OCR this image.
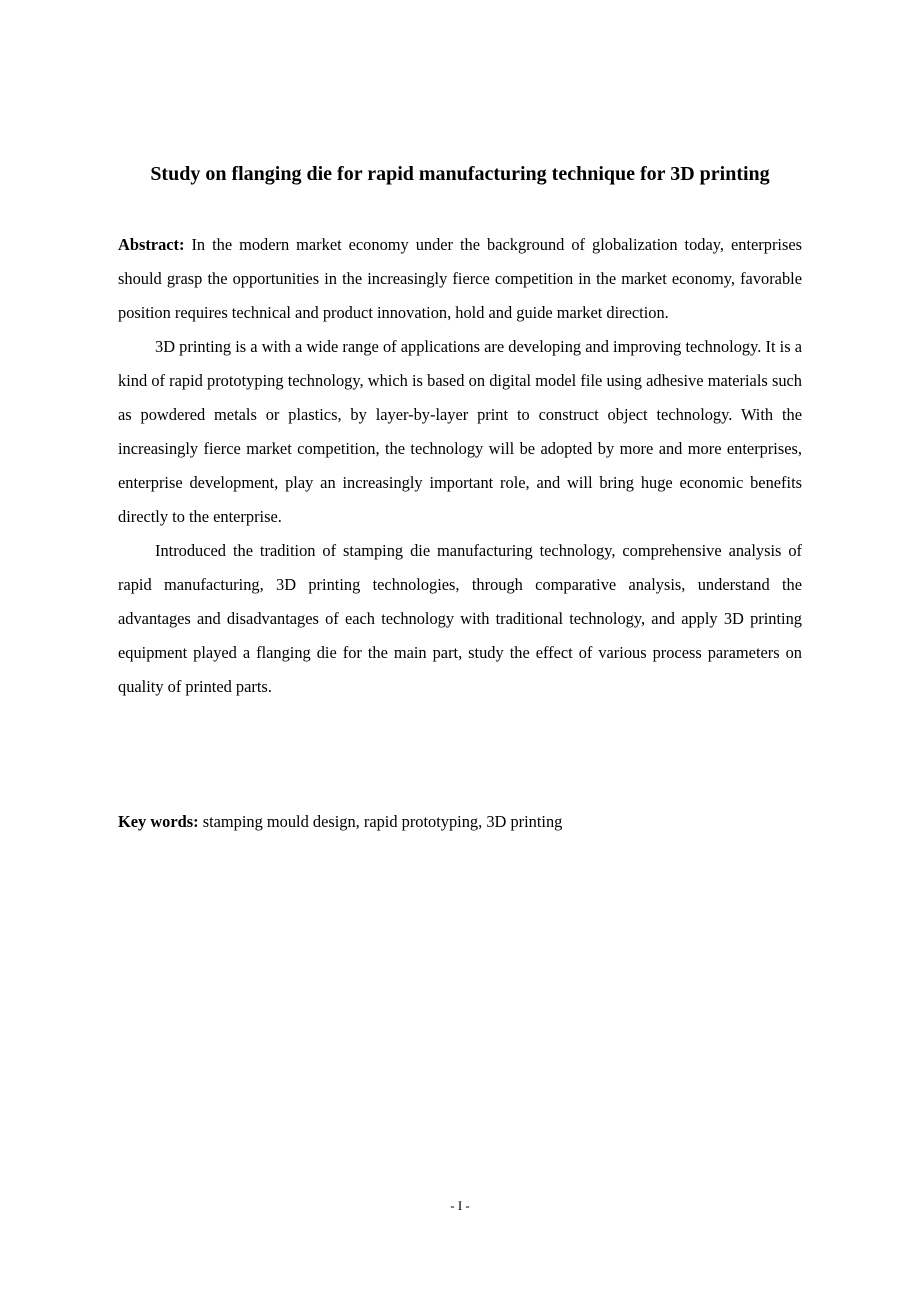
Study on flanging die for rapid manufacturing technique for 3D printing

Abstract: In the modern market economy under the background of globalization today, enterprises should grasp the opportunities in the increasingly fierce competition in the market economy, favorable position requires technical and product innovation, hold and guide market direction.

3D printing is a with a wide range of applications are developing and improving technology. It is a kind of rapid prototyping technology, which is based on digital model file using adhesive materials such as powdered metals or plastics, by layer-by-layer print to construct object technology. With the increasingly fierce market competition, the technology will be adopted by more and more enterprises, enterprise development, play an increasingly important role, and will bring huge economic benefits directly to the enterprise.

Introduced the tradition of stamping die manufacturing technology, comprehensive analysis of rapid manufacturing, 3D printing technologies, through comparative analysis, understand the advantages and disadvantages of each technology with traditional technology, and apply 3D printing equipment played a flanging die for the main part, study the effect of various process parameters on quality of printed parts.

Key words: stamping mould design, rapid prototyping, 3D printing

- I -
